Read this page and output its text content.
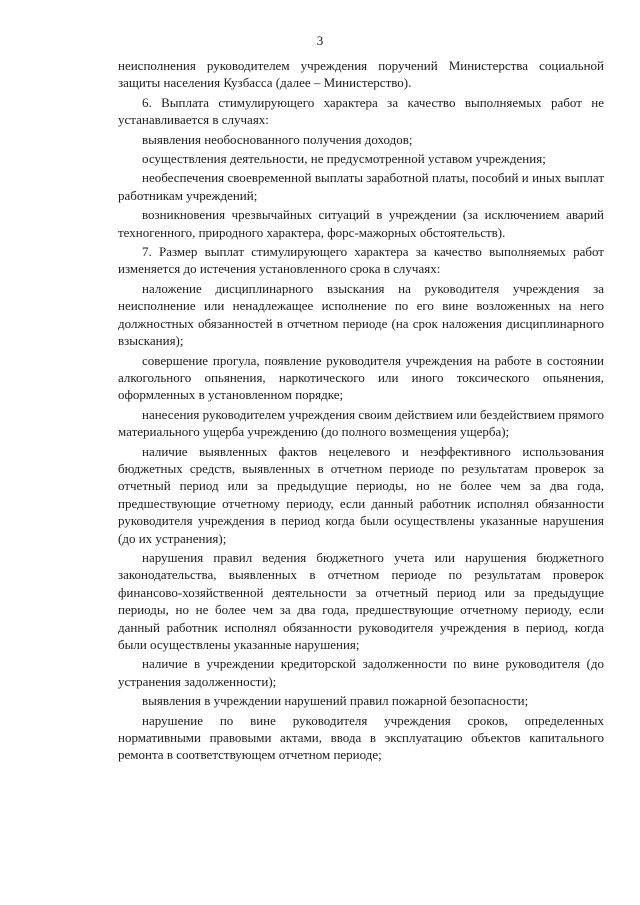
3

неисполнения руководителем учреждения поручений Министерства социальной защиты населения Кузбасса (далее – Министерство).

6. Выплата стимулирующего характера за качество выполняемых работ не устанавливается в случаях:

выявления необоснованного получения доходов;

осуществления деятельности, не предусмотренной уставом учреждения;

необеспечения своевременной выплаты заработной платы, пособий и иных выплат работникам учреждений;

возникновения чрезвычайных ситуаций в учреждении (за исключением аварий техногенного, природного характера, форс-мажорных обстоятельств).

7. Размер выплат стимулирующего характера за качество выполняемых работ изменяется до истечения установленного срока в случаях:

наложение дисциплинарного взыскания на руководителя учреждения за неисполнение или ненадлежащее исполнение по его вине возложенных на него должностных обязанностей в отчетном периоде (на срок наложения дисциплинарного взыскания);

совершение прогула, появление руководителя учреждения на работе в состоянии алкогольного опьянения, наркотического или иного токсического опьянения, оформленных в установленном порядке;

нанесения руководителем учреждения своим действием или бездействием прямого материального ущерба учреждению (до полного возмещения ущерба);

наличие выявленных фактов нецелевого и неэффективного использования бюджетных средств, выявленных в отчетном периоде по результатам проверок за отчетный период или за предыдущие периоды, но не более чем за два года, предшествующие отчетному периоду, если данный работник исполнял обязанности руководителя учреждения в период когда были осуществлены указанные нарушения (до их устранения);

нарушения правил ведения бюджетного учета или нарушения бюджетного законодательства, выявленных в отчетном периоде по результатам проверок финансово-хозяйственной деятельности за отчетный период или за предыдущие периоды, но не более чем за два года, предшествующие отчетному периоду, если данный работник исполнял обязанности руководителя учреждения в период, когда были осуществлены указанные нарушения;

наличие в учреждении кредиторской задолженности по вине руководителя (до устранения задолженности);

выявления в учреждении нарушений правил пожарной безопасности;

нарушение по вине руководителя учреждения сроков, определенных нормативными правовыми актами, ввода в эксплуатацию объектов капитального ремонта в соответствующем отчетном периоде;
